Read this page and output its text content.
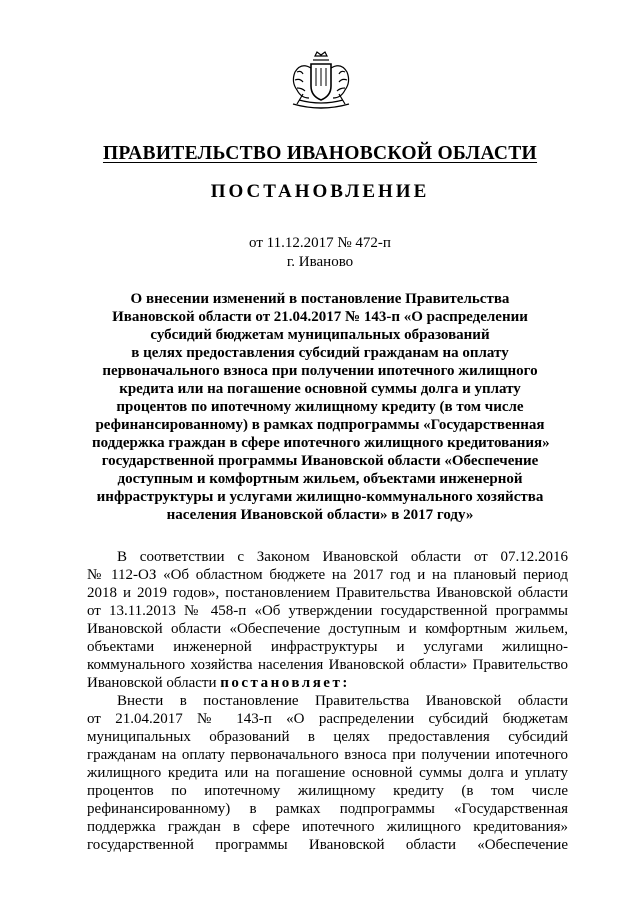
ПРАВИТЕЛЬСТВО ИВАНОВСКОЙ ОБЛАСТИ
ПОСТАНОВЛЕНИЕ
от 11.12.2017 № 472-п
г. Иваново
О внесении изменений в постановление Правительства
Ивановской области от 21.04.2017 № 143-п «О распределении
субсидий бюджетам муниципальных образований
в целях предоставления субсидий гражданам на оплату
первоначального взноса при получении ипотечного жилищного
кредита или на погашение основной суммы долга и уплату
процентов по ипотечному жилищному кредиту (в том числе
рефинансированному) в рамках подпрограммы «Государственная
поддержка граждан в сфере ипотечного жилищного кредитования»
государственной программы Ивановской области «Обеспечение
доступным и комфортным жильем, объектами инженерной
инфраструктуры и услугами жилищно-коммунального хозяйства
населения Ивановской области» в 2017 году»
В соответствии с Законом Ивановской области от 07.12.2016
№ 112-ОЗ «Об областном бюджете на 2017 год и на плановый период
2018 и 2019 годов», постановлением Правительства Ивановской области
от 13.11.2013 № 458-п «Об утверждении государственной программы
Ивановской области «Обеспечение доступным и комфортным жильем,
объектами инженерной инфраструктуры и услугами жилищно-
коммунального хозяйства населения Ивановской области» Правительство
Ивановской области постановляет:
Внести в постановление Правительства Ивановской области
от 21.04.2017 № 143-п «О распределении субсидий бюджетам
муниципальных образований в целях предоставления субсидий
гражданам на оплату первоначального взноса при получении ипотечного
жилищного кредита или на погашение основной суммы долга и уплату
процентов по ипотечному жилищному кредиту (в том числе
рефинансированному) в рамках подпрограммы «Государственная
поддержка граждан в сфере ипотечного жилищного кредитования»
государственной программы Ивановской области «Обеспечение
